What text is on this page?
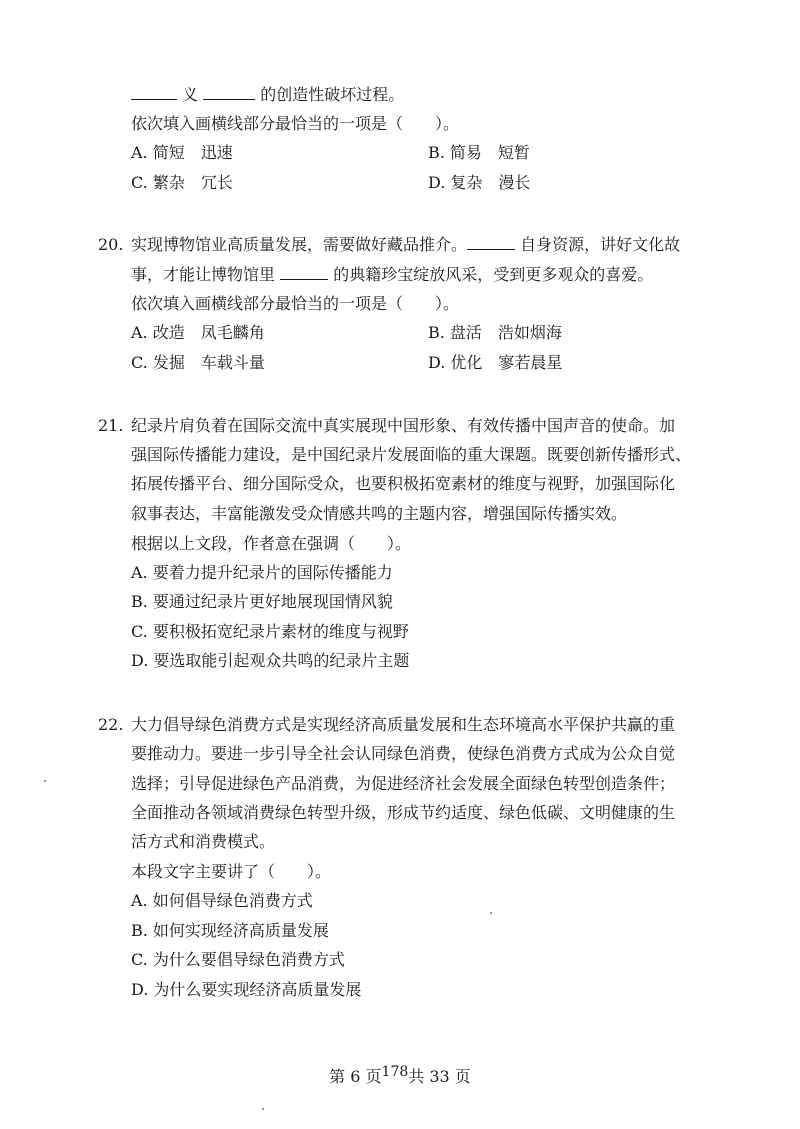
义	的创造性破坏过程。
依次填入画横线部分最恰当的一项是（　　）。
A. 简短　迅速	B. 简易　短暂
C. 繁杂　冗长	D. 复杂　漫长
20. 实现博物馆业高质量发展，需要做好藏品推介。	自身资源，讲好文化故
事，才能让博物馆里	的典籍珍宝绽放风采，受到更多观众的喜爱。
依次填入画横线部分最恰当的一项是（　　）。
A. 改造　凤毛麟角	B. 盘活　浩如烟海
C. 发掘　车载斗量	D. 优化　寥若晨星
21. 纪录片肩负着在国际交流中真实展现中国形象、有效传播中国声音的使命。加
强国际传播能力建设，是中国纪录片发展面临的重大课题。既要创新传播形式、
拓展传播平台、细分国际受众，也要积极拓宽素材的维度与视野，加强国际化
叙事表达，丰富能激发受众情感共鸣的主题内容，增强国际传播实效。
根据以上文段，作者意在强调（　　）。
A. 要着力提升纪录片的国际传播能力
B. 要通过纪录片更好地展现国情风貌
C. 要积极拓宽纪录片素材的维度与视野
D. 要选取能引起观众共鸣的纪录片主题
22. 大力倡导绿色消费方式是实现经济高质量发展和生态环境高水平保护共赢的重
要推动力。要进一步引导全社会认同绿色消费，使绿色消费方式成为公众自觉
选择；引导促进绿色产品消费，为促进经济社会发展全面绿色转型创造条件；
全面推动各领域消费绿色转型升级，形成节约适度、绿色低碳、文明健康的生
活方式和消费模式。
本段文字主要讲了（　　）。
A. 如何倡导绿色消费方式
B. 如何实现经济高质量发展
C. 为什么要倡导绿色消费方式
D. 为什么要实现经济高质量发展
第 6 页178共 33 页
